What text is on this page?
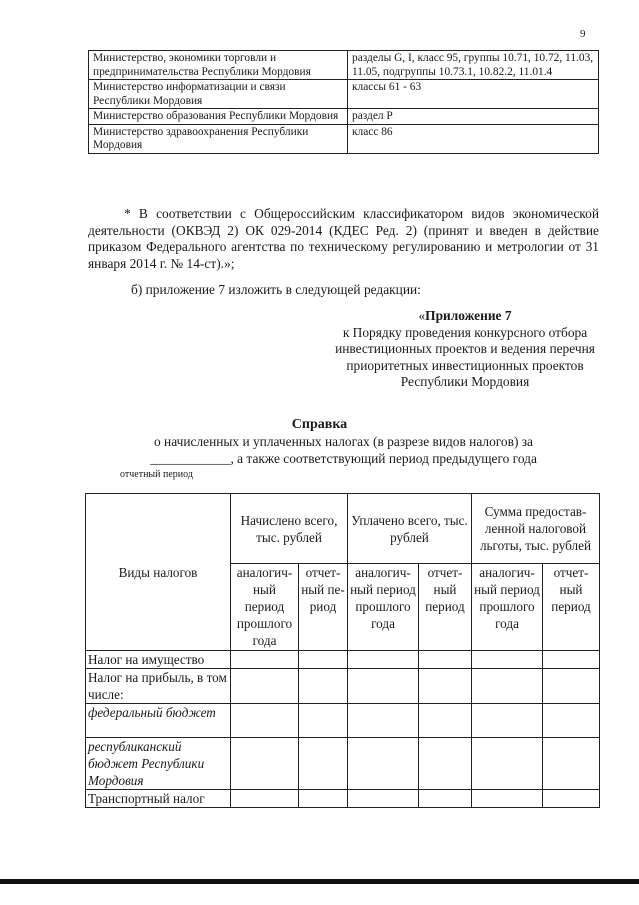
9
Министерство, экономики торговли и предпринимательства Республики Мордовия	разделы G, I, класс 95, группы 10.71, 10.72, 11.03, 11.05, подгруппы 10.73.1, 10.82.2, 11.01.4
Министерство информатизации и связи Республики Мордовия	классы 61 - 63
Министерство образования Республики Мордовия	раздел P
Министерство здравоохранения Республики Мордовия	класс 86
* В соответствии с Общероссийским классификатором видов экономической деятельности (ОКВЭД 2) ОК 029-2014 (КДЕС Ред. 2) (принят и введен в действие приказом Федерального агентства по техническому регулированию и метрологии от 31 января 2014 г. № 14-ст).»;
б) приложение 7 изложить в следующей редакции:
«Приложение 7
к Порядку проведения конкурсного отбора инвестиционных проектов и ведения перечня приоритетных инвестиционных проектов Республики Мордовия
Справка
о начисленных и уплаченных налогах (в разрезе видов налогов) за
____________, а также соответствующий период предыдущего года
отчетный период
Виды налогов	Начислено всего, тыс. рублей		Уплачено всего, тыс. рублей		Сумма предостав-ленной налоговой льготы, тыс. рублей	
	аналогич-ный период прошлого года	отчет-ный пе-риод	аналогич-ный период прошлого года	отчет-ный период	аналогич-ный период прошлого года	отчет-ный период
Налог на имущество						
Налог на прибыль, в том числе:						
федеральный бюджет						
республиканский бюджет Республики Мордовия						
Транспортный налог						
